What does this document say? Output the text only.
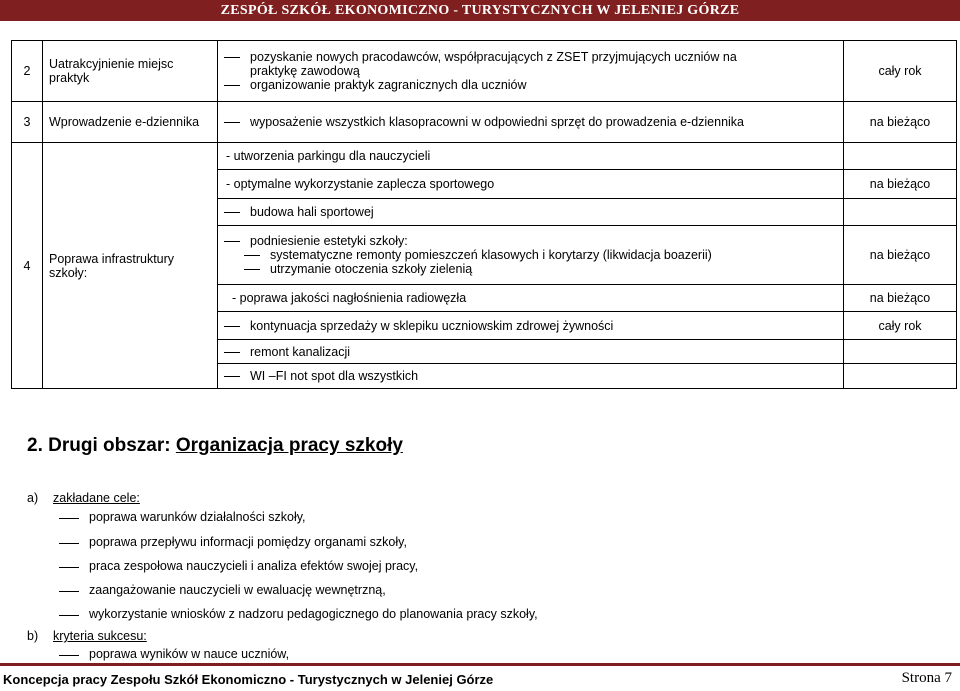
ZESPÓŁ SZKÓŁ EKONOMICZNO - TURYSTYCZNYCH W JELENIEJ GÓRZE
2	Uatrakcyjnienie miejsc praktyk	pozyskanie nowych pracodawców, współpracujących z ZSET przyjmujących uczniów na
praktykę zawodową
organizowanie praktyk zagranicznych dla uczniów	cały rok
3	Wprowadzenie e-dziennika	wyposażenie wszystkich klasopracowni w odpowiedni sprzęt do prowadzenia e-dziennika	na bieżąco
4	Poprawa infrastruktury szkoły:	- utworzenia parkingu dla nauczycieli	

		- optymalne wykorzystanie zaplecza sportowego	na bieżąco

		budowa hali sportowej	

		podniesienie estetyki szkoły:
systematyczne remonty pomieszczeń klasowych i korytarzy (likwidacja boazerii)
utrzymanie otoczenia szkoły zielenią	na bieżąco

		- poprawa jakości nagłośnienia radiowęzła	na bieżąco

		kontynuacja sprzedaży w sklepiku uczniowskim zdrowej żywności	cały rok

		remont kanalizacji	

		WI –FI not spot dla wszystkich	

2. Drugi obszar: Organizacja pracy szkoły
a) zakładane cele:
poprawa warunków działalności szkoły,
poprawa przepływu informacji pomiędzy organami szkoły,
praca zespołowa nauczycieli i analiza efektów swojej pracy,
zaangażowanie nauczycieli w ewaluację wewnętrzną,
wykorzystanie wniosków z nadzoru pedagogicznego do planowania pracy szkoły,
b) kryteria sukcesu:
poprawa wyników w nauce uczniów,
Koncepcja pracy Zespołu Szkół Ekonomiczno - Turystycznych w Jeleniej Górze	Strona 7
